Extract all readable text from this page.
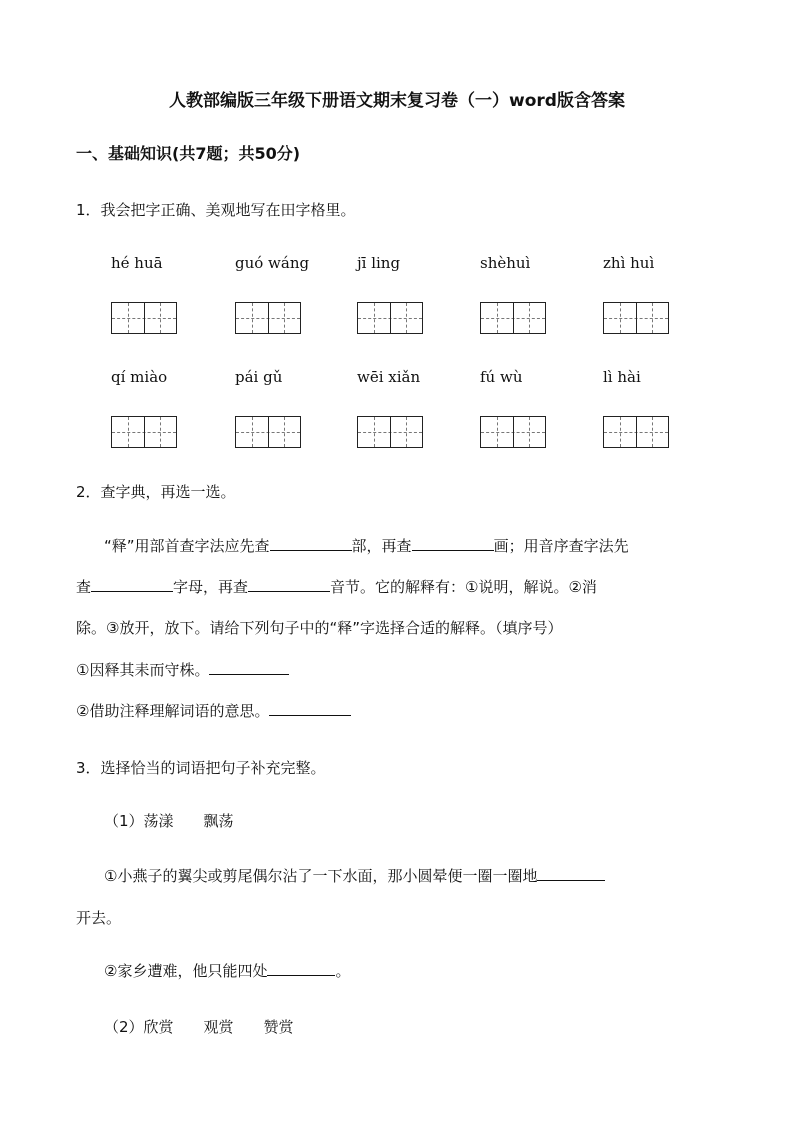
人教部编版三年级下册语文期末复习卷（一）word版含答案
一、基础知识(共7题；共50分)
1．我会把字正确、美观地写在田字格里。
hé huā	guó wáng	jī ling	shèhuì	zhì huì
qí miào	pái gǔ	wēi xiǎn	fú wù	lì hài
2．查字典，再选一选。
“释”用部首查字法应先查	部，再查	画；用音序查字法先
查	字母，再查	音节。它的解释有：①说明，解说。②消
除。③放开，放下。请给下列句子中的“释”字选择合适的解释。（填序号）
①因释其耒而守株。
②借助注释理解词语的意思。
3．选择恰当的词语把句子补充完整。
（1）荡漾　　飘荡
①小燕子的翼尖或剪尾偶尔沾了一下水面，那小圆晕便一圈一圈地
开去。
②家乡遭难，他只能四处	。
（2）欣赏　　观赏　　赞赏
